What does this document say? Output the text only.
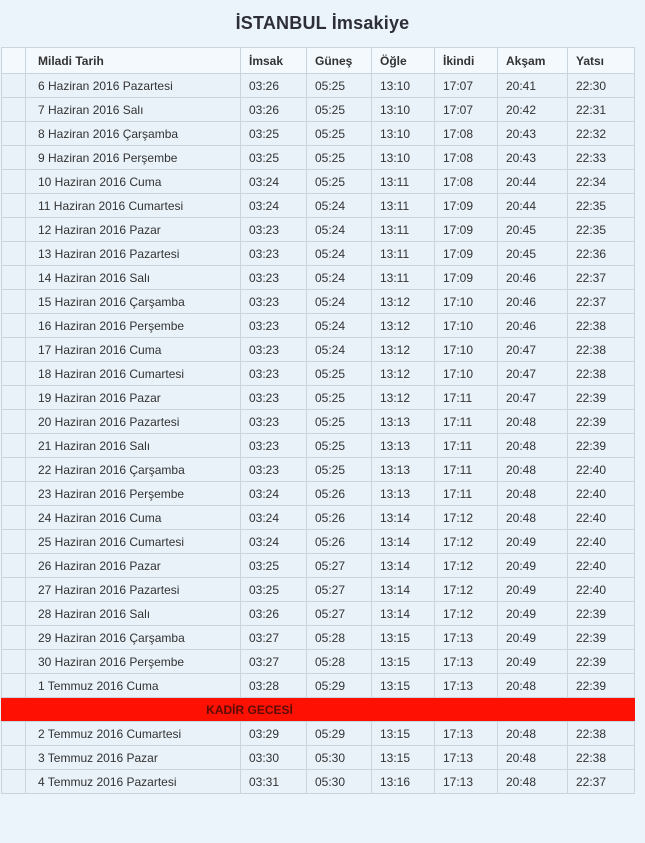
İSTANBUL İmsakiye
	Miladi Tarih	İmsak	Güneş	Öğle	İkindi	Akşam	Yatsı
	6 Haziran 2016 Pazartesi	03:26	05:25	13:10	17:07	20:41	22:30
	7 Haziran 2016 Salı	03:26	05:25	13:10	17:07	20:42	22:31
	8 Haziran 2016 Çarşamba	03:25	05:25	13:10	17:08	20:43	22:32
	9 Haziran 2016 Perşembe	03:25	05:25	13:10	17:08	20:43	22:33
	10 Haziran 2016 Cuma	03:24	05:25	13:11	17:08	20:44	22:34
	11 Haziran 2016 Cumartesi	03:24	05:24	13:11	17:09	20:44	22:35
	12 Haziran 2016 Pazar	03:23	05:24	13:11	17:09	20:45	22:35
	13 Haziran 2016 Pazartesi	03:23	05:24	13:11	17:09	20:45	22:36
	14 Haziran 2016 Salı	03:23	05:24	13:11	17:09	20:46	22:37
	15 Haziran 2016 Çarşamba	03:23	05:24	13:12	17:10	20:46	22:37
	16 Haziran 2016 Perşembe	03:23	05:24	13:12	17:10	20:46	22:38
	17 Haziran 2016 Cuma	03:23	05:24	13:12	17:10	20:47	22:38
	18 Haziran 2016 Cumartesi	03:23	05:25	13:12	17:10	20:47	22:38
	19 Haziran 2016 Pazar	03:23	05:25	13:12	17:11	20:47	22:39
	20 Haziran 2016 Pazartesi	03:23	05:25	13:13	17:11	20:48	22:39
	21 Haziran 2016 Salı	03:23	05:25	13:13	17:11	20:48	22:39
	22 Haziran 2016 Çarşamba	03:23	05:25	13:13	17:11	20:48	22:40
	23 Haziran 2016 Perşembe	03:24	05:26	13:13	17:11	20:48	22:40
	24 Haziran 2016 Cuma	03:24	05:26	13:14	17:12	20:48	22:40
	25 Haziran 2016 Cumartesi	03:24	05:26	13:14	17:12	20:49	22:40
	26 Haziran 2016 Pazar	03:25	05:27	13:14	17:12	20:49	22:40
	27 Haziran 2016 Pazartesi	03:25	05:27	13:14	17:12	20:49	22:40
	28 Haziran 2016 Salı	03:26	05:27	13:14	17:12	20:49	22:39
	29 Haziran 2016 Çarşamba	03:27	05:28	13:15	17:13	20:49	22:39
	30 Haziran 2016 Perşembe	03:27	05:28	13:15	17:13	20:49	22:39
	1 Temmuz 2016 Cuma	03:28	05:29	13:15	17:13	20:48	22:39
KADİR GECESİ							
	2 Temmuz 2016 Cumartesi	03:29	05:29	13:15	17:13	20:48	22:38
	3 Temmuz 2016 Pazar	03:30	05:30	13:15	17:13	20:48	22:38
	4 Temmuz 2016 Pazartesi	03:31	05:30	13:16	17:13	20:48	22:37
